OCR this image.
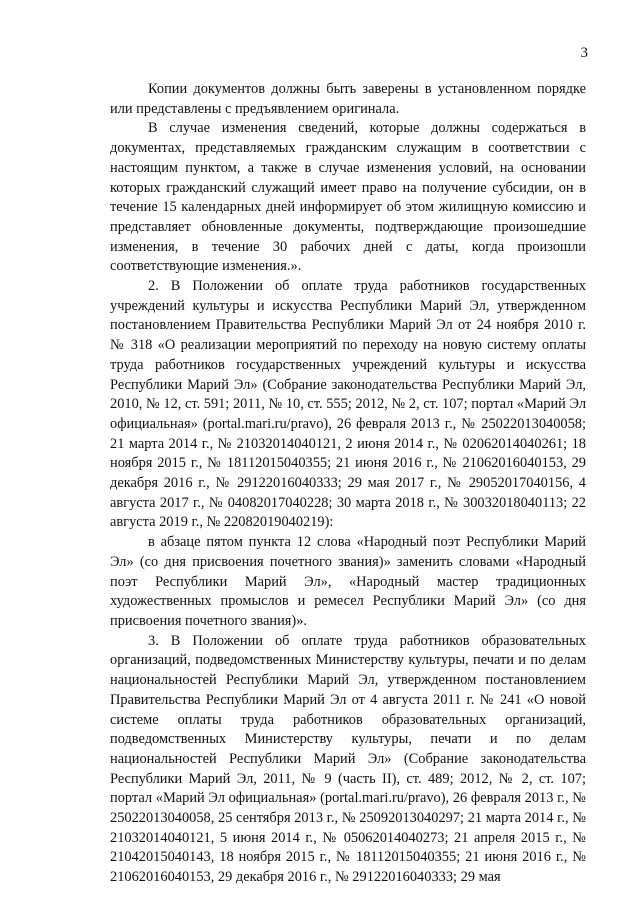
3

Копии документов должны быть заверены в установленном порядке или представлены с предъявлением оригинала.

В случае изменения сведений, которые должны содержаться в документах, представляемых гражданским служащим в соответствии с настоящим пунктом, а также в случае изменения условий, на основании которых гражданский служащий имеет право на получение субсидии, он в течение 15 календарных дней информирует об этом жилищную комиссию и представляет обновленные документы, подтверждающие произошедшие изменения, в течение 30 рабочих дней с даты, когда произошли соответствующие изменения.».

2. В Положении об оплате труда работников государственных учреждений культуры и искусства Республики Марий Эл, утвержденном постановлением Правительства Республики Марий Эл от 24 ноября 2010 г. № 318 «О реализации мероприятий по переходу на новую систему оплаты труда работников государственных учреждений культуры и искусства Республики Марий Эл» (Собрание законодательства Республики Марий Эл, 2010, № 12, ст. 591; 2011, № 10, ст. 555; 2012, № 2, ст. 107; портал «Марий Эл официальная» (portal.mari.ru/pravo), 26 февраля 2013 г., № 25022013040058; 21 марта 2014 г., № 21032014040121, 2 июня 2014 г., № 02062014040261; 18 ноября 2015 г., № 18112015040355; 21 июня 2016 г., № 21062016040153, 29 декабря 2016 г., № 29122016040333; 29 мая 2017 г., № 29052017040156, 4 августа 2017 г., № 04082017040228; 30 марта 2018 г., № 30032018040113; 22 августа 2019 г., № 22082019040219):

в абзаце пятом пункта 12 слова «Народный поэт Республики Марий Эл» (со дня присвоения почетного звания)» заменить словами «Народный поэт Республики Марий Эл», «Народный мастер традиционных художественных промыслов и ремесел Республики Марий Эл» (со дня присвоения почетного звания)».

3. В Положении об оплате труда работников образовательных организаций, подведомственных Министерству культуры, печати и по делам национальностей Республики Марий Эл, утвержденном постановлением Правительства Республики Марий Эл от 4 августа 2011 г. № 241 «О новой системе оплаты труда работников образовательных организаций, подведомственных Министерству культуры, печати и по делам национальностей Республики Марий Эл» (Собрание законодательства Республики Марий Эл, 2011, № 9 (часть II), ст. 489; 2012, № 2, ст. 107; портал «Марий Эл официальная» (portal.mari.ru/pravo), 26 февраля 2013 г., № 25022013040058, 25 сентября 2013 г., № 25092013040297; 21 марта 2014 г., № 21032014040121, 5 июня 2014 г., № 05062014040273; 21 апреля 2015 г., № 21042015040143, 18 ноября 2015 г., № 18112015040355; 21 июня 2016 г., № 21062016040153, 29 декабря 2016 г., № 29122016040333; 29 мая
